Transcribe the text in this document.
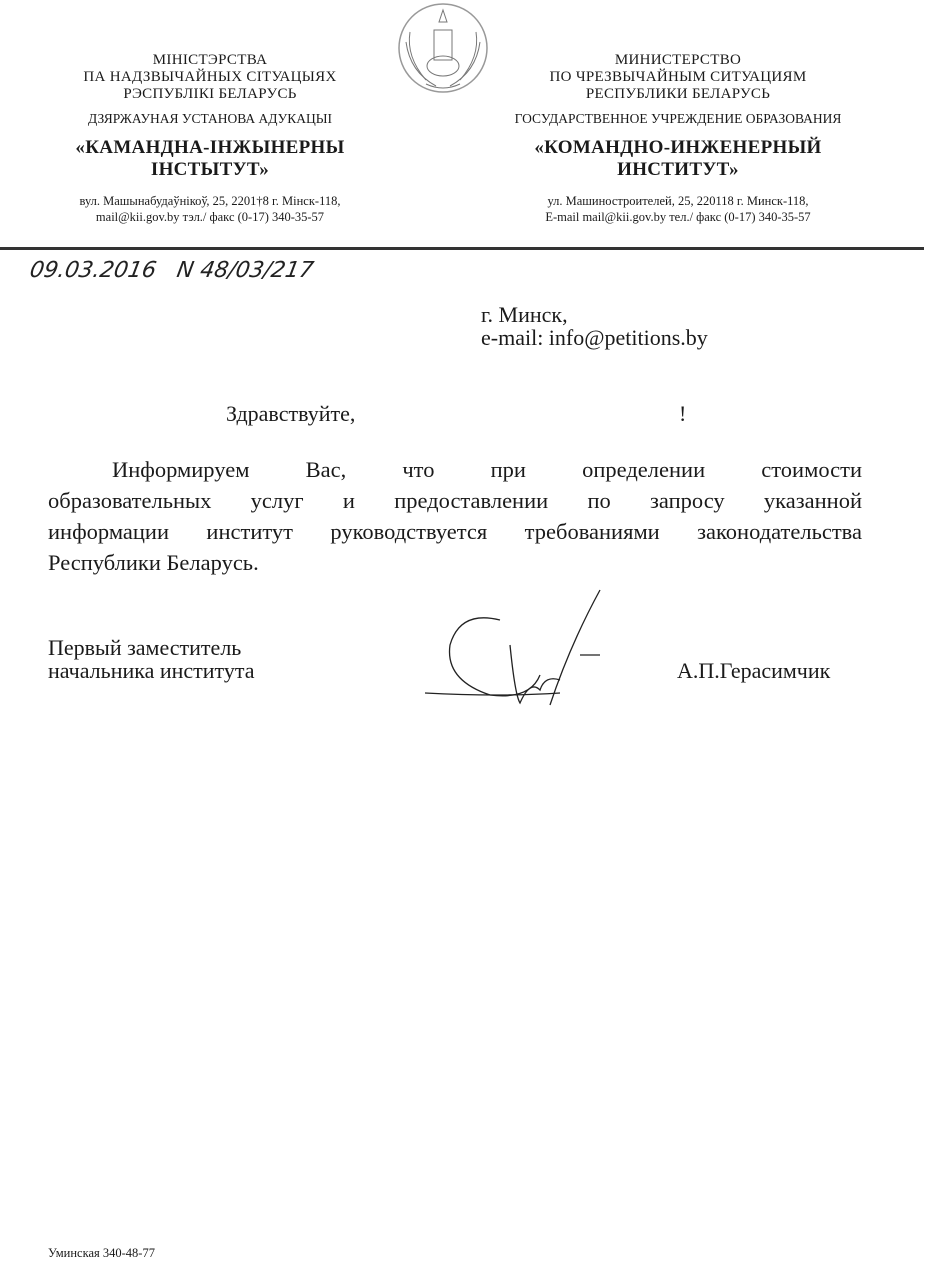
МІНІСТЭРСТВА
ПА НАДЗВЫЧАЙНЫХ СІТУАЦЫЯХ
РЭСПУБЛІКІ БЕЛАРУСЬ
ДЗЯРЖАУНАЯ УСТАНОВА АДУКАЦЫІ
«КАМАНДНА-ІНЖЫНЕРНЫ
ІНСТЫТУТ»
вул. Машынабудаўнікоў, 25, 2201†8 г. Мінск-118,
mail@kii.gov.by тэл./ факс (0-17) 340-35-57
МИНИСТЕРСТВО
ПО ЧРЕЗВЫЧАЙНЫМ СИТУАЦИЯМ
РЕСПУБЛИКИ БЕЛАРУСЬ
ГОСУДАРСТВЕННОЕ УЧРЕЖДЕНИЕ ОБРАЗОВАНИЯ
«КОМАНДНО-ИНЖЕНЕРНЫЙ
ИНСТИТУТ»
ул. Машиностроителей, 25, 220118 г. Минск-118,
E-mail mail@kii.gov.by тел./ факс (0-17) 340-35-57
09.03.2016 N 48/03/217
г. Минск,
e-mail: info@petitions.by
Здравствуйте,	!
Информируем Вас, что при определении стоимости
образовательных услуг и предоставлении по запросу указанной
информации институт руководствуется требованиями законодательства
Республики Беларусь.
Первый заместитель
начальника института	А.П.Герасимчик
Уминская 340-48-77
